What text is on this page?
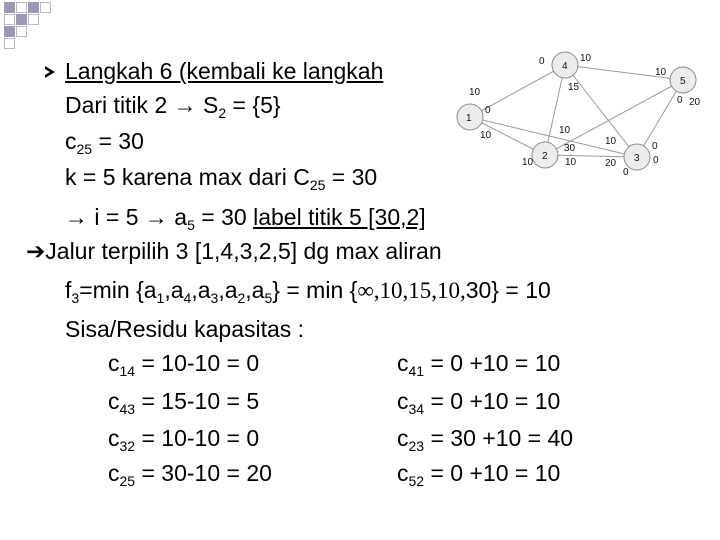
Langkah 6 (kembali ke langkah
Dari titik $2 \to S_2 = \{5\}$
$c_{25} = 30$
k = 5 karena max dari $C_{25} = 30$
→ $i = 5 \to a_5 = 30$ label titik 5 [30,2]
➔Jalur terpilih 3 [1,4,3,2,5] dg max aliran
$f_3=\min$ $\{a_1,a_4,a_3,a_2,a_5\} = \min \{\infty,10,15,10,30\} = 10$
Sisa/Residu kapasitas :
$c_{14} = 10-10 = 0$	$c_{41} = 0 +10 = 10$
$c_{43} = 15-10 = 5$	$c_{34} = 0 +10 = 10$
$c_{32} = 10-10 = 0$	$c_{23} = 30 +10 = 40$
$c_{25} = 30-10 = 20$	$c_{52} = 0 +10 = 10$
1
2	3
4
5
0	10
10
15
10
0
0 20
10	10
10	0
30
20
10	0
0
10
